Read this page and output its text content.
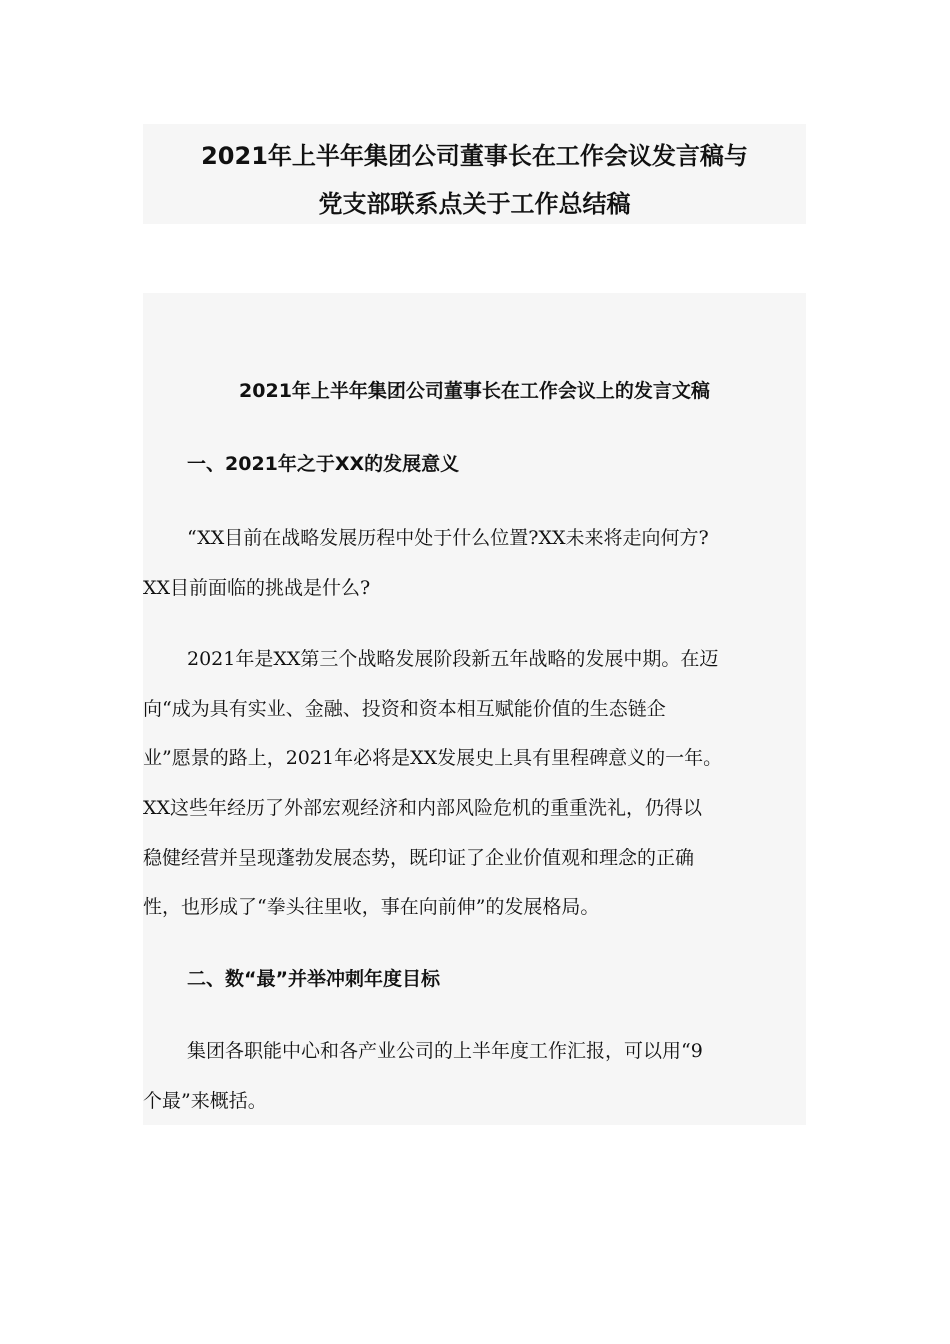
2021年上半年集团公司董事长在工作会议发言稿与
党支部联系点关于工作总结稿
2021年上半年集团公司董事长在工作会议上的发言文稿
一、2021年之于XX的发展意义
“XX目前在战略发展历程中处于什么位置?XX未来将走向何方?
XX目前面临的挑战是什么?
2021年是XX第三个战略发展阶段新五年战略的发展中期。在迈
向“成为具有实业、金融、投资和资本相互赋能价值的生态链企
业”愿景的路上，2021年必将是XX发展史上具有里程碑意义的一年。
XX这些年经历了外部宏观经济和内部风险危机的重重洗礼，仍得以
稳健经营并呈现蓬勃发展态势，既印证了企业价值观和理念的正确
性，也形成了“拳头往里收，事在向前伸”的发展格局。
二、数“最”并举冲刺年度目标
集团各职能中心和各产业公司的上半年度工作汇报，可以用“9
个最”来概括。
